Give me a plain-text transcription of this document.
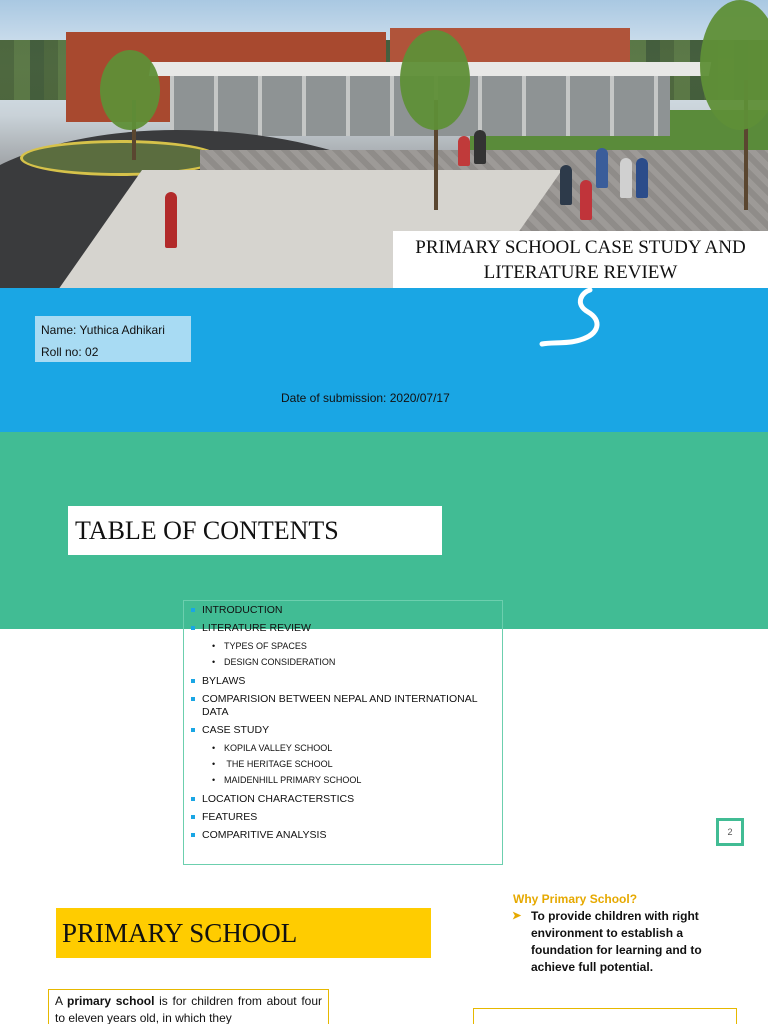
PRIMARY SCHOOL CASE STUDY AND LITERATURE REVIEW
Name: Yuthica Adhikari
Roll no: 02
Date of submission: 2020/07/17
TABLE OF CONTENTS
INTRODUCTION
LITERATURE REVIEW
• TYPES OF SPACES
• DESIGN CONSIDERATION
BYLAWS
COMPARISION BETWEEN NEPAL AND INTERNATIONAL DATA
CASE STUDY
• KOPILA VALLEY SCHOOL
•  THE HERITAGE SCHOOL
• MAIDENHILL PRIMARY SCHOOL
LOCATION CHARACTERSTICS
FEATURES
COMPARITIVE ANALYSIS	2
PRIMARY SCHOOL
Why Primary School?
➤ To provide children with right environment to establish a foundation for learning and to achieve full potential.
A primary school is for children from about four to eleven years old, in which they
